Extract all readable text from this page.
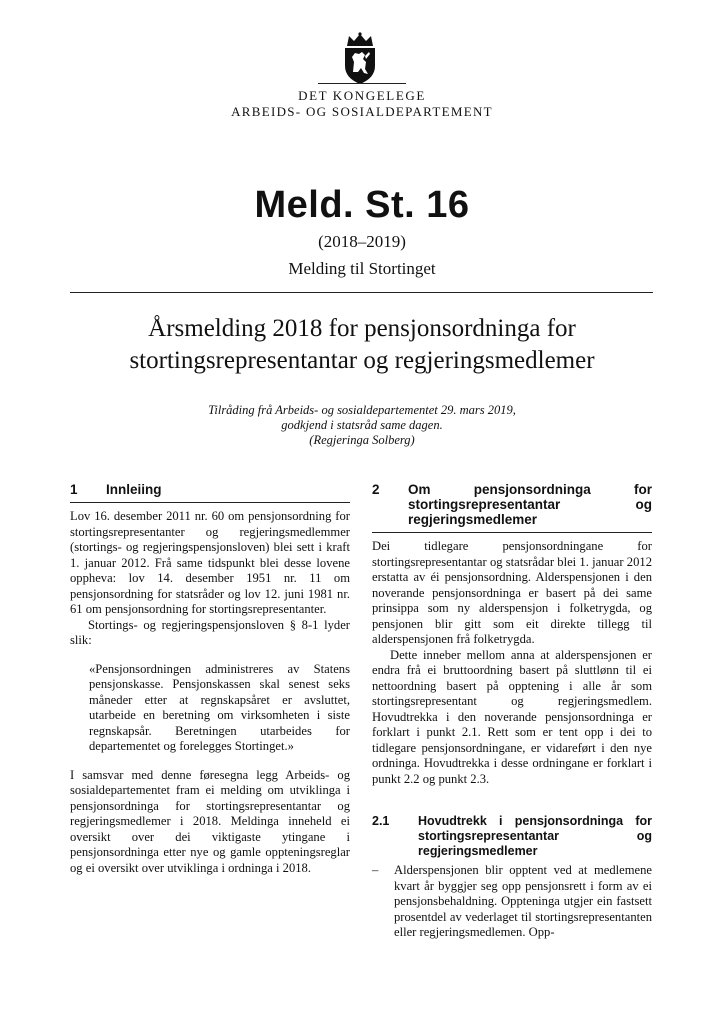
DET KONGELEGE
ARBEIDS- OG SOSIALDEPARTEMENT
Meld. St. 16
(2018–2019)
Melding til Stortinget
Årsmelding 2018 for pensjonsordninga for
stortingsrepresentantar og regjeringsmedlemer
Tilråding frå Arbeids- og sosialdepartementet 29. mars 2019,
godkjend i statsråd same dagen.
(Regjeringa Solberg)
1	Innleiing

Lov 16. desember 2011 nr. 60 om pensjonsordning for stortingsrepresentanter og regjeringsmedlemmer (stortings- og regjeringspensjonsloven) blei sett i kraft 1. januar 2012. Frå same tidspunkt blei desse lovene oppheva: lov 14. desember 1951 nr. 11 om pensjonsordning for statsråder og lov 12. juni 1981 nr. 61 om pensjonsordning for stortingsrepresentanter.

Stortings- og regjeringspensjonsloven § 8-1 lyder slik:

«Pensjonsordningen administreres av Statens pensjonskasse. Pensjonskassen skal senest seks måneder etter at regnskapsåret er avsluttet, utarbeide en beretning om virksomheten i siste regnskapsår. Beretningen utarbeides for departementet og forelegges Stortinget.»

I samsvar med denne føresegna legg Arbeids- og sosialdepartementet fram ei melding om utviklinga i pensjonsordninga for stortingsrepresentantar og regjeringsmedlemer i 2018. Meldinga inneheld ei oversikt over dei viktigaste ytingane i pensjonsordninga etter nye og gamle oppteningsreglar og ei oversikt over utviklinga i ordninga i 2018.

2	Om pensjonsordninga for stortingsrepresentantar og regjeringsmedlemer

Dei tidlegare pensjonsordningane for stortingsrepresentantar og statsrådar blei 1. januar 2012 erstatta av éi pensjonsordning. Alderspensjonen i den noverande pensjonsordninga er basert på dei same prinsippa som ny alderspensjon i folketrygda, og pensjonen blir gitt som eit direkte tillegg til alderspensjonen frå folketrygda.

Dette inneber mellom anna at alderspensjonen er endra frå ei bruttoordning basert på sluttlønn til ei nettoordning basert på opptening i alle år som stortingsrepresentant og regjeringsmedlem. Hovudtrekka i den noverande pensjonsordninga er forklart i punkt 2.1. Rett som er tent opp i dei to tidlegare pensjonsordningane, er vidareført i den nye ordninga. Hovudtrekka i desse ordningane er forklart i punkt 2.2 og punkt 2.3.

2.1	Hovudtrekk i pensjonsordninga for stortingsrepresentantar og regjeringsmedlemer
–	Alderspensjonen blir opptent ved at medlemene kvart år byggjer seg opp pensjonsrett i form av ei pensjonsbehaldning. Oppteninga utgjer ein fastsett prosentdel av vederlaget til stortingsrepresentanten eller regjeringsmedlemen. Opp-
